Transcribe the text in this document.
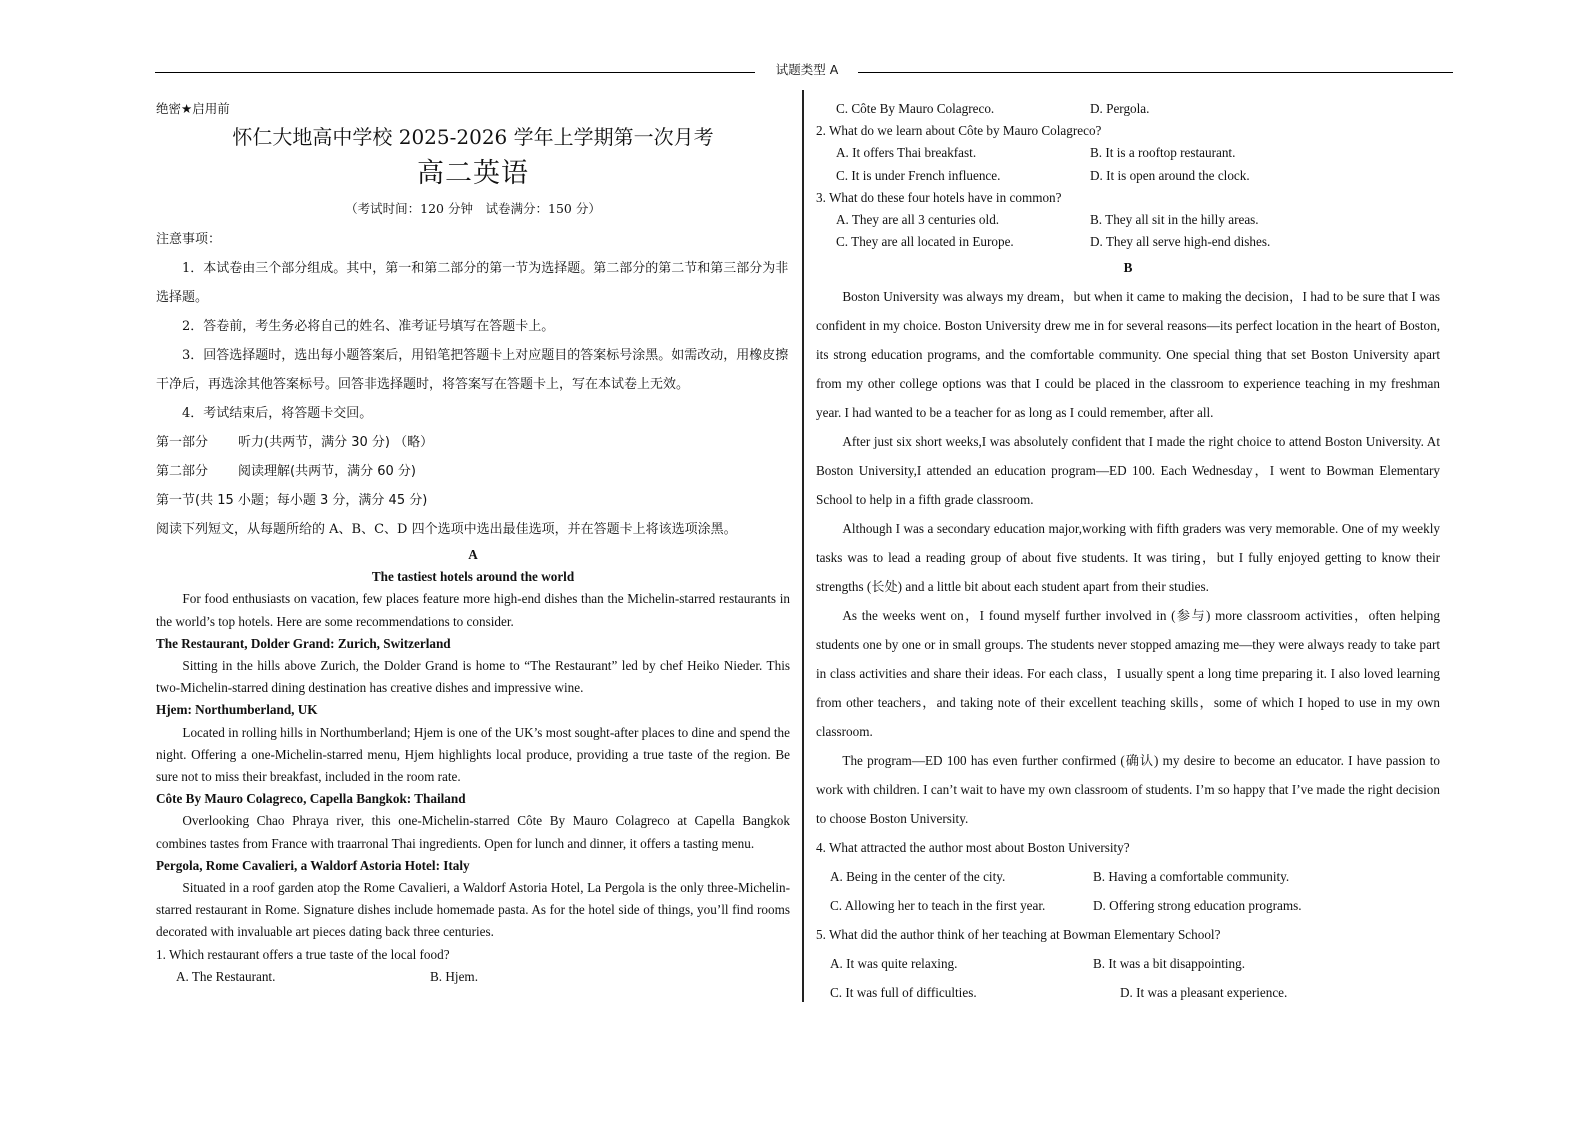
试题类型 A
绝密★启用前
怀仁大地高中学校 2025-2026 学年上学期第一次月考
高二英语
（考试时间：120 分钟　试卷满分：150 分）
注意事项：
1．本试卷由三个部分组成。其中，第一和第二部分的第一节为选择题。第二部分的第二节和第三部分为非选择题。
2．答卷前，考生务必将自己的姓名、准考证号填写在答题卡上。
3．回答选择题时，选出每小题答案后，用铅笔把答题卡上对应题目的答案标号涂黑。如需改动，用橡皮擦干净后，再选涂其他答案标号。回答非选择题时，将答案写在答题卡上，写在本试卷上无效。
4．考试结束后，将答题卡交回。
第一部分 听力(共两节，满分 30 分) （略）
第二部分 阅读理解(共两节，满分 60 分)
第一节(共 15 小题；每小题 3 分，满分 45 分)
阅读下列短文，从每题所给的 A、B、C、D 四个选项中选出最佳选项，并在答题卡上将该选项涂黑。
A
The tastiest hotels around the world
For food enthusiasts on vacation, few places feature more high-end dishes than the Michelin-starred restaurants in the world’s top hotels. Here are some recommendations to consider.
The Restaurant, Dolder Grand: Zurich, Switzerland
Sitting in the hills above Zurich, the Dolder Grand is home to “The Restaurant” led by chef Heiko Nieder. This two-Michelin-starred dining destination has creative dishes and impressive wine.
Hjem: Northumberland, UK
Located in rolling hills in Northumberland; Hjem is one of the UK’s most sought-after places to dine and spend the night. Offering a one-Michelin-starred menu, Hjem highlights local produce, providing a true taste of the region. Be sure not to miss their breakfast, included in the room rate.
Côte By Mauro Colagreco, Capella Bangkok: Thailand
Overlooking Chao Phraya river, this one-Michelin-starred Côte By Mauro Colagreco at Capella Bangkok combines tastes from France with traarronal Thai ingredients. Open for lunch and dinner, it offers a tasting menu.
Pergola, Rome Cavalieri, a Waldorf Astoria Hotel: Italy
Situated in a roof garden atop the Rome Cavalieri, a Waldorf Astoria Hotel, La Pergola is the only three-Michelin-starred restaurant in Rome. Signature dishes include homemade pasta. As for the hotel side of things, you’ll find rooms decorated with invaluable art pieces dating back three centuries.
1. Which restaurant offers a true taste of the local food?
A. The Restaurant.	B. Hjem.
C. Côte By Mauro Colagreco.	D. Pergola.
2. What do we learn about Côte by Mauro Colagreco?
A. It offers Thai breakfast.	B. It is a rooftop restaurant.
C. It is under French influence.	D. It is open around the clock.
3. What do these four hotels have in common?
A. They are all 3 centuries old.	B. They all sit in the hilly areas.
C. They are all located in Europe.	D. They all serve high-end dishes.
B
Boston University was always my dream，but when it came to making the decision，I had to be sure that I was confident in my choice. Boston University drew me in for several reasons—its perfect location in the heart of Boston, its strong education programs, and the comfortable community. One special thing that set Boston University apart from my other college options was that I could be placed in the classroom to experience teaching in my freshman year. I had wanted to be a teacher for as long as I could remember, after all.
After just six short weeks,I was absolutely confident that I made the right choice to attend Boston University. At Boston University,I attended an education program—ED 100. Each Wednesday，I went to Bowman Elementary School to help in a fifth grade classroom.
Although I was a secondary education major,working with fifth graders was very memorable. One of my weekly tasks was to lead a reading group of about five students. It was tiring，but I fully enjoyed getting to know their strengths (长处) and a little bit about each student apart from their studies.
As the weeks went on，I found myself further involved in (参与) more classroom activities，often helping students one by one or in small groups. The students never stopped amazing me—they were always ready to take part in class activities and share their ideas. For each class，I usually spent a long time preparing it. I also loved learning from other teachers，and taking note of their excellent teaching skills，some of which I hoped to use in my own classroom.
The program—ED 100 has even further confirmed (确认) my desire to become an educator. I have passion to work with children. I can’t wait to have my own classroom of students. I’m so happy that I’ve made the right decision to choose Boston University.
4. What attracted the author most about Boston University?
A. Being in the center of the city.	B. Having a comfortable community.
C. Allowing her to teach in the first year.	D. Offering strong education programs.
5. What did the author think of her teaching at Bowman Elementary School?
A. It was quite relaxing.	B. It was a bit disappointing.
C. It was full of difficulties.	D. It was a pleasant experience.
